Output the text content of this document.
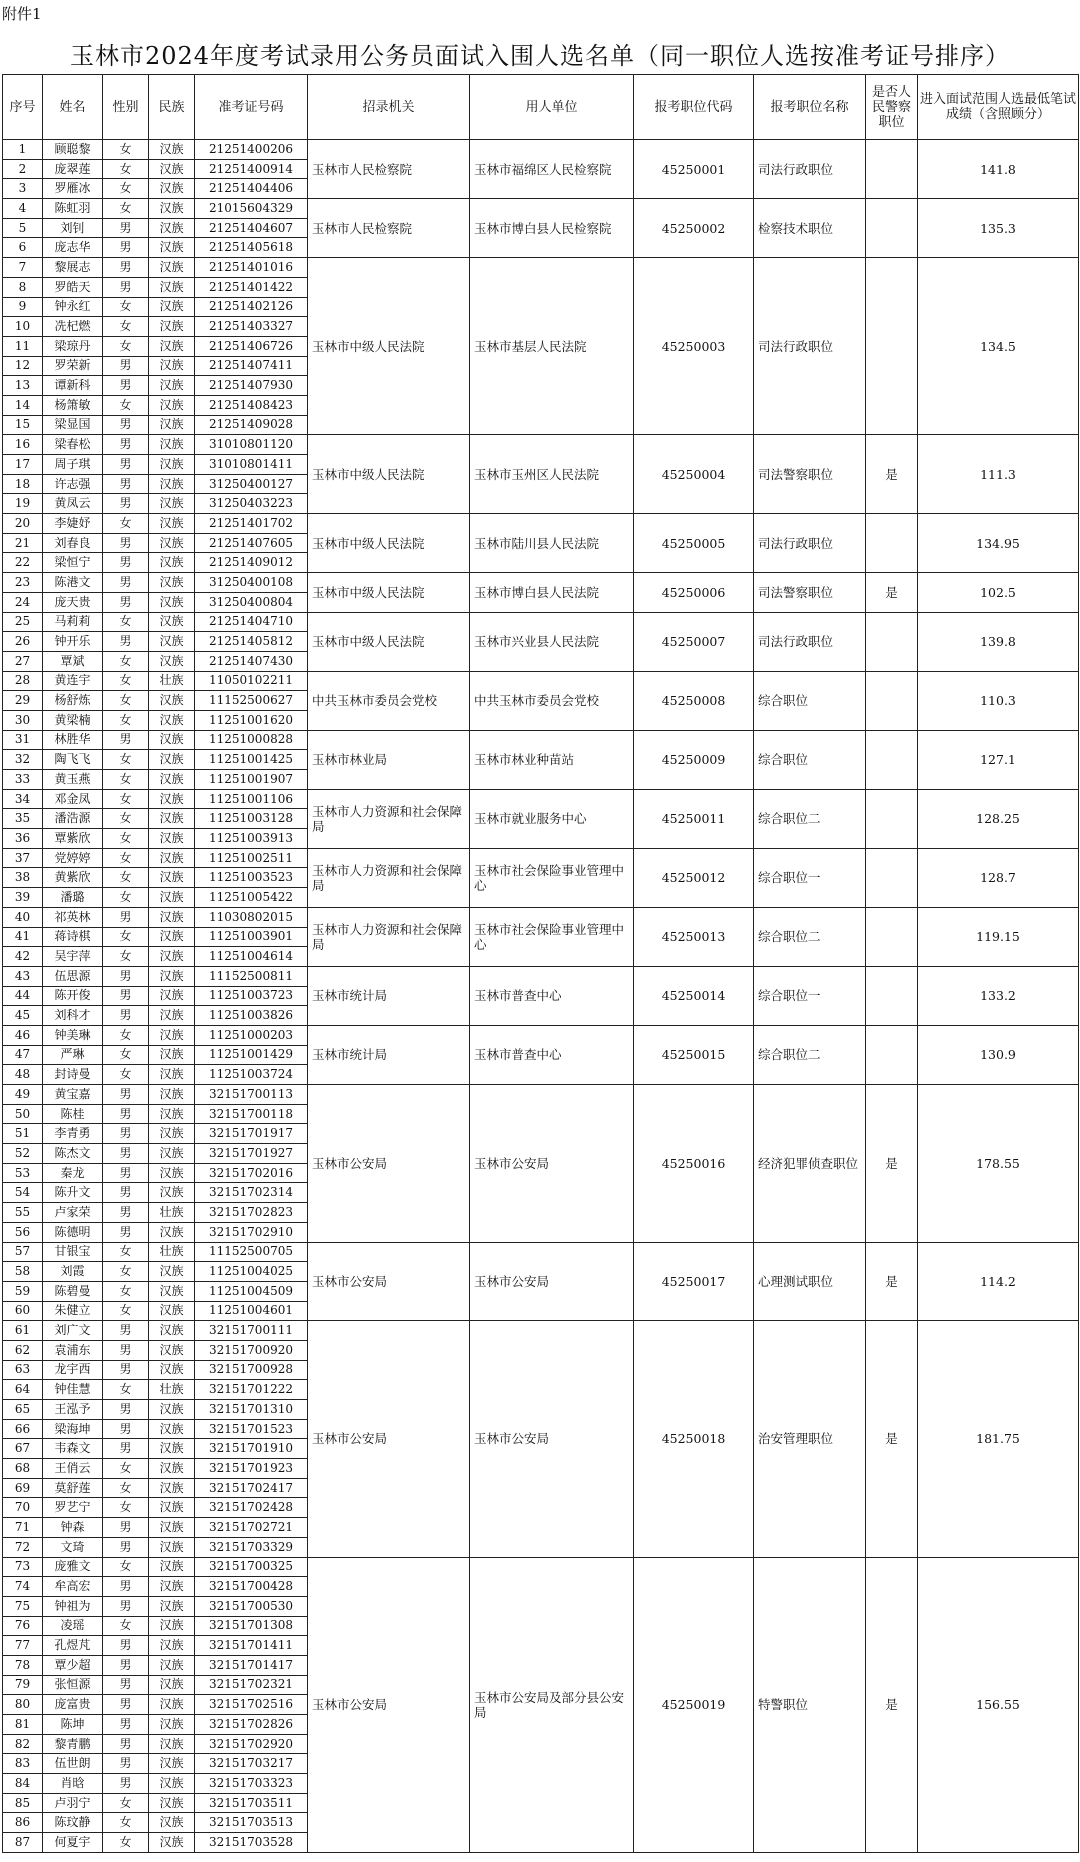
附件1
玉林市2024年度考试录用公务员面试入围人选名单（同一职位人选按准考证号排序）
序号	姓名	性别	民族	准考证号码	招录机关	用人单位	报考职位代码	报考职位名称	是否人民警察职位	进入面试范围人选最低笔试成绩（含照顾分）
1	顾聪黎	女	汉族	21251400206	玉林市人民检察院	玉林市福绵区人民检察院	45250001	司法行政职位		141.8
2	庞翠莲	女	汉族	21251400914						
3	罗雁冰	女	汉族	21251404406						
4	陈虹羽	女	汉族	21015604329	玉林市人民检察院	玉林市博白县人民检察院	45250002	检察技术职位		135.3
5	刘钊	男	汉族	21251404607						
6	庞志华	男	汉族	21251405618						
7	黎展志	男	汉族	21251401016	玉林市中级人民法院	玉林市基层人民法院	45250003	司法行政职位		134.5
8	罗皓天	男	汉族	21251401422						
9	钟永红	女	汉族	21251402126						
10	冼杞燃	女	汉族	21251403327						
11	梁琼丹	女	汉族	21251406726						
12	罗荣新	男	汉族	21251407411						
13	谭新科	男	汉族	21251407930						
14	杨箫敏	女	汉族	21251408423						
15	梁显国	男	汉族	21251409028						
16	梁春松	男	汉族	31010801120	玉林市中级人民法院	玉林市玉州区人民法院	45250004	司法警察职位	是	111.3
17	周子琪	男	汉族	31010801411						
18	许志强	男	汉族	31250400127						
19	黄凤云	男	汉族	31250403223						
20	李婕妤	女	汉族	21251401702	玉林市中级人民法院	玉林市陆川县人民法院	45250005	司法行政职位		134.95
21	刘春良	男	汉族	21251407605						
22	梁恒宁	男	汉族	21251409012						
23	陈港文	男	汉族	31250400108	玉林市中级人民法院	玉林市博白县人民法院	45250006	司法警察职位	是	102.5
24	庞天贵	男	汉族	31250400804						
25	马莉莉	女	汉族	21251404710	玉林市中级人民法院	玉林市兴业县人民法院	45250007	司法行政职位		139.8
26	钟开乐	男	汉族	21251405812						
27	覃斌	女	汉族	21251407430						
28	黄连宇	女	壮族	11050102211	中共玉林市委员会党校	中共玉林市委员会党校	45250008	综合职位		110.3
29	杨舒炼	女	汉族	11152500627						
30	黄梁楠	女	汉族	11251001620						
31	林胜华	男	汉族	11251000828	玉林市林业局	玉林市林业种苗站	45250009	综合职位		127.1
32	陶飞飞	女	汉族	11251001425						
33	黄玉燕	女	汉族	11251001907						
34	邓金凤	女	汉族	11251001106	玉林市人力资源和社会保障局	玉林市就业服务中心	45250011	综合职位二		128.25
35	潘浩源	女	汉族	11251003128						
36	覃紫欣	女	汉族	11251003913						
37	党婷婷	女	汉族	11251002511	玉林市人力资源和社会保障局	玉林市社会保险事业管理中心	45250012	综合职位一		128.7
38	黄紫欣	女	汉族	11251003523						
39	潘璐	女	汉族	11251005422						
40	祁英林	男	汉族	11030802015	玉林市人力资源和社会保障局	玉林市社会保险事业管理中心	45250013	综合职位二		119.15
41	蒋诗棋	女	汉族	11251003901						
42	吴宇萍	女	汉族	11251004614						
43	伍思源	男	汉族	11152500811	玉林市统计局	玉林市普查中心	45250014	综合职位一		133.2
44	陈开俊	男	汉族	11251003723						
45	刘科才	男	汉族	11251003826						
46	钟美琳	女	汉族	11251000203	玉林市统计局	玉林市普查中心	45250015	综合职位二		130.9
47	严琳	女	汉族	11251001429						
48	封诗曼	女	汉族	11251003724						
49	黄宝嘉	男	汉族	32151700113	玉林市公安局	玉林市公安局	45250016	经济犯罪侦查职位	是	178.55
50	陈桂	男	汉族	32151700118						
51	李青勇	男	汉族	32151701917						
52	陈杰文	男	汉族	32151701927						
53	秦龙	男	汉族	32151702016						
54	陈升文	男	汉族	32151702314						
55	卢家荣	男	壮族	32151702823						
56	陈德明	男	汉族	32151702910						
57	甘银宝	女	壮族	11152500705	玉林市公安局	玉林市公安局	45250017	心理测试职位	是	114.2
58	刘霞	女	汉族	11251004025						
59	陈碧曼	女	汉族	11251004509						
60	朱健立	女	汉族	11251004601						
61	刘广文	男	汉族	32151700111	玉林市公安局	玉林市公安局	45250018	治安管理职位	是	181.75
62	袁浦东	男	汉族	32151700920						
63	龙宇西	男	汉族	32151700928						
64	钟佳慧	女	壮族	32151701222						
65	王泓予	男	汉族	32151701310						
66	梁海坤	男	汉族	32151701523						
67	韦森文	男	汉族	32151701910						
68	王俏云	女	汉族	32151701923						
69	莫舒莲	女	汉族	32151702417						
70	罗艺宁	女	汉族	32151702428						
71	钟森	男	汉族	32151702721						
72	文琦	男	汉族	32151703329						
73	庞雅文	女	汉族	32151700325	玉林市公安局	玉林市公安局及部分县公安局	45250019	特警职位	是	156.55
74	牟高宏	男	汉族	32151700428						
75	钟祖为	男	汉族	32151700530						
76	凌瑶	女	汉族	32151701308						
77	孔煜芃	男	汉族	32151701411						
78	覃少超	男	汉族	32151701417						
79	张恒源	男	汉族	32151702321						
80	庞富贵	男	汉族	32151702516						
81	陈坤	男	汉族	32151702826						
82	黎青鹏	男	汉族	32151702920						
83	伍世朗	男	汉族	32151703217						
84	肖晗	男	汉族	32151703323						
85	卢羽宁	女	汉族	32151703511						
86	陈玟静	女	汉族	32151703513						
87	何夏宇	女	汉族	32151703528						
